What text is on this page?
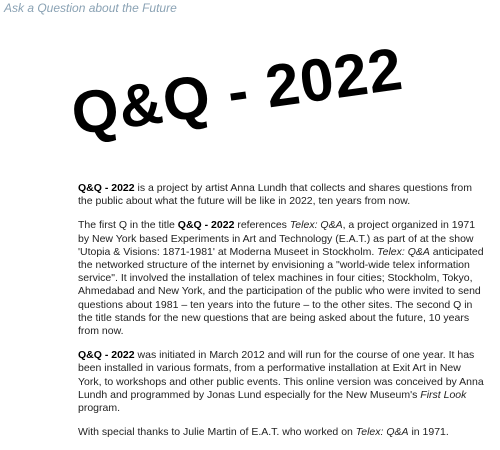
Ask a Question about the Future
Q&Q - 2022

Q&Q - 2022 is a project by artist Anna Lundh that collects and shares questions from the public about what the future will be like in 2022, ten years from now.

The first Q in the title Q&Q - 2022 references Telex: Q&A, a project organized in 1971 by New York based Experiments in Art and Technology (E.A.T.) as part of at the show 'Utopia & Visions: 1871-1981' at Moderna Museet in Stockholm. Telex: Q&A anticipated the networked structure of the internet by envisioning a "world-wide telex information service". It involved the installation of telex machines in four cities; Stockholm, Tokyo, Ahmedabad and New York, and the participation of the public who were invited to send questions about 1981 – ten years into the future – to the other sites. The second Q in the title stands for the new questions that are being asked about the future, 10 years from now.

Q&Q - 2022 was initiated in March 2012 and will run for the course of one year. It has been installed in various formats, from a performative installation at Exit Art in New York, to workshops and other public events. This online version was conceived by Anna Lundh and programmed by Jonas Lund especially for the New Museum's First Look program.

With special thanks to Julie Martin of E.A.T. who worked on Telex: Q&A in 1971.
